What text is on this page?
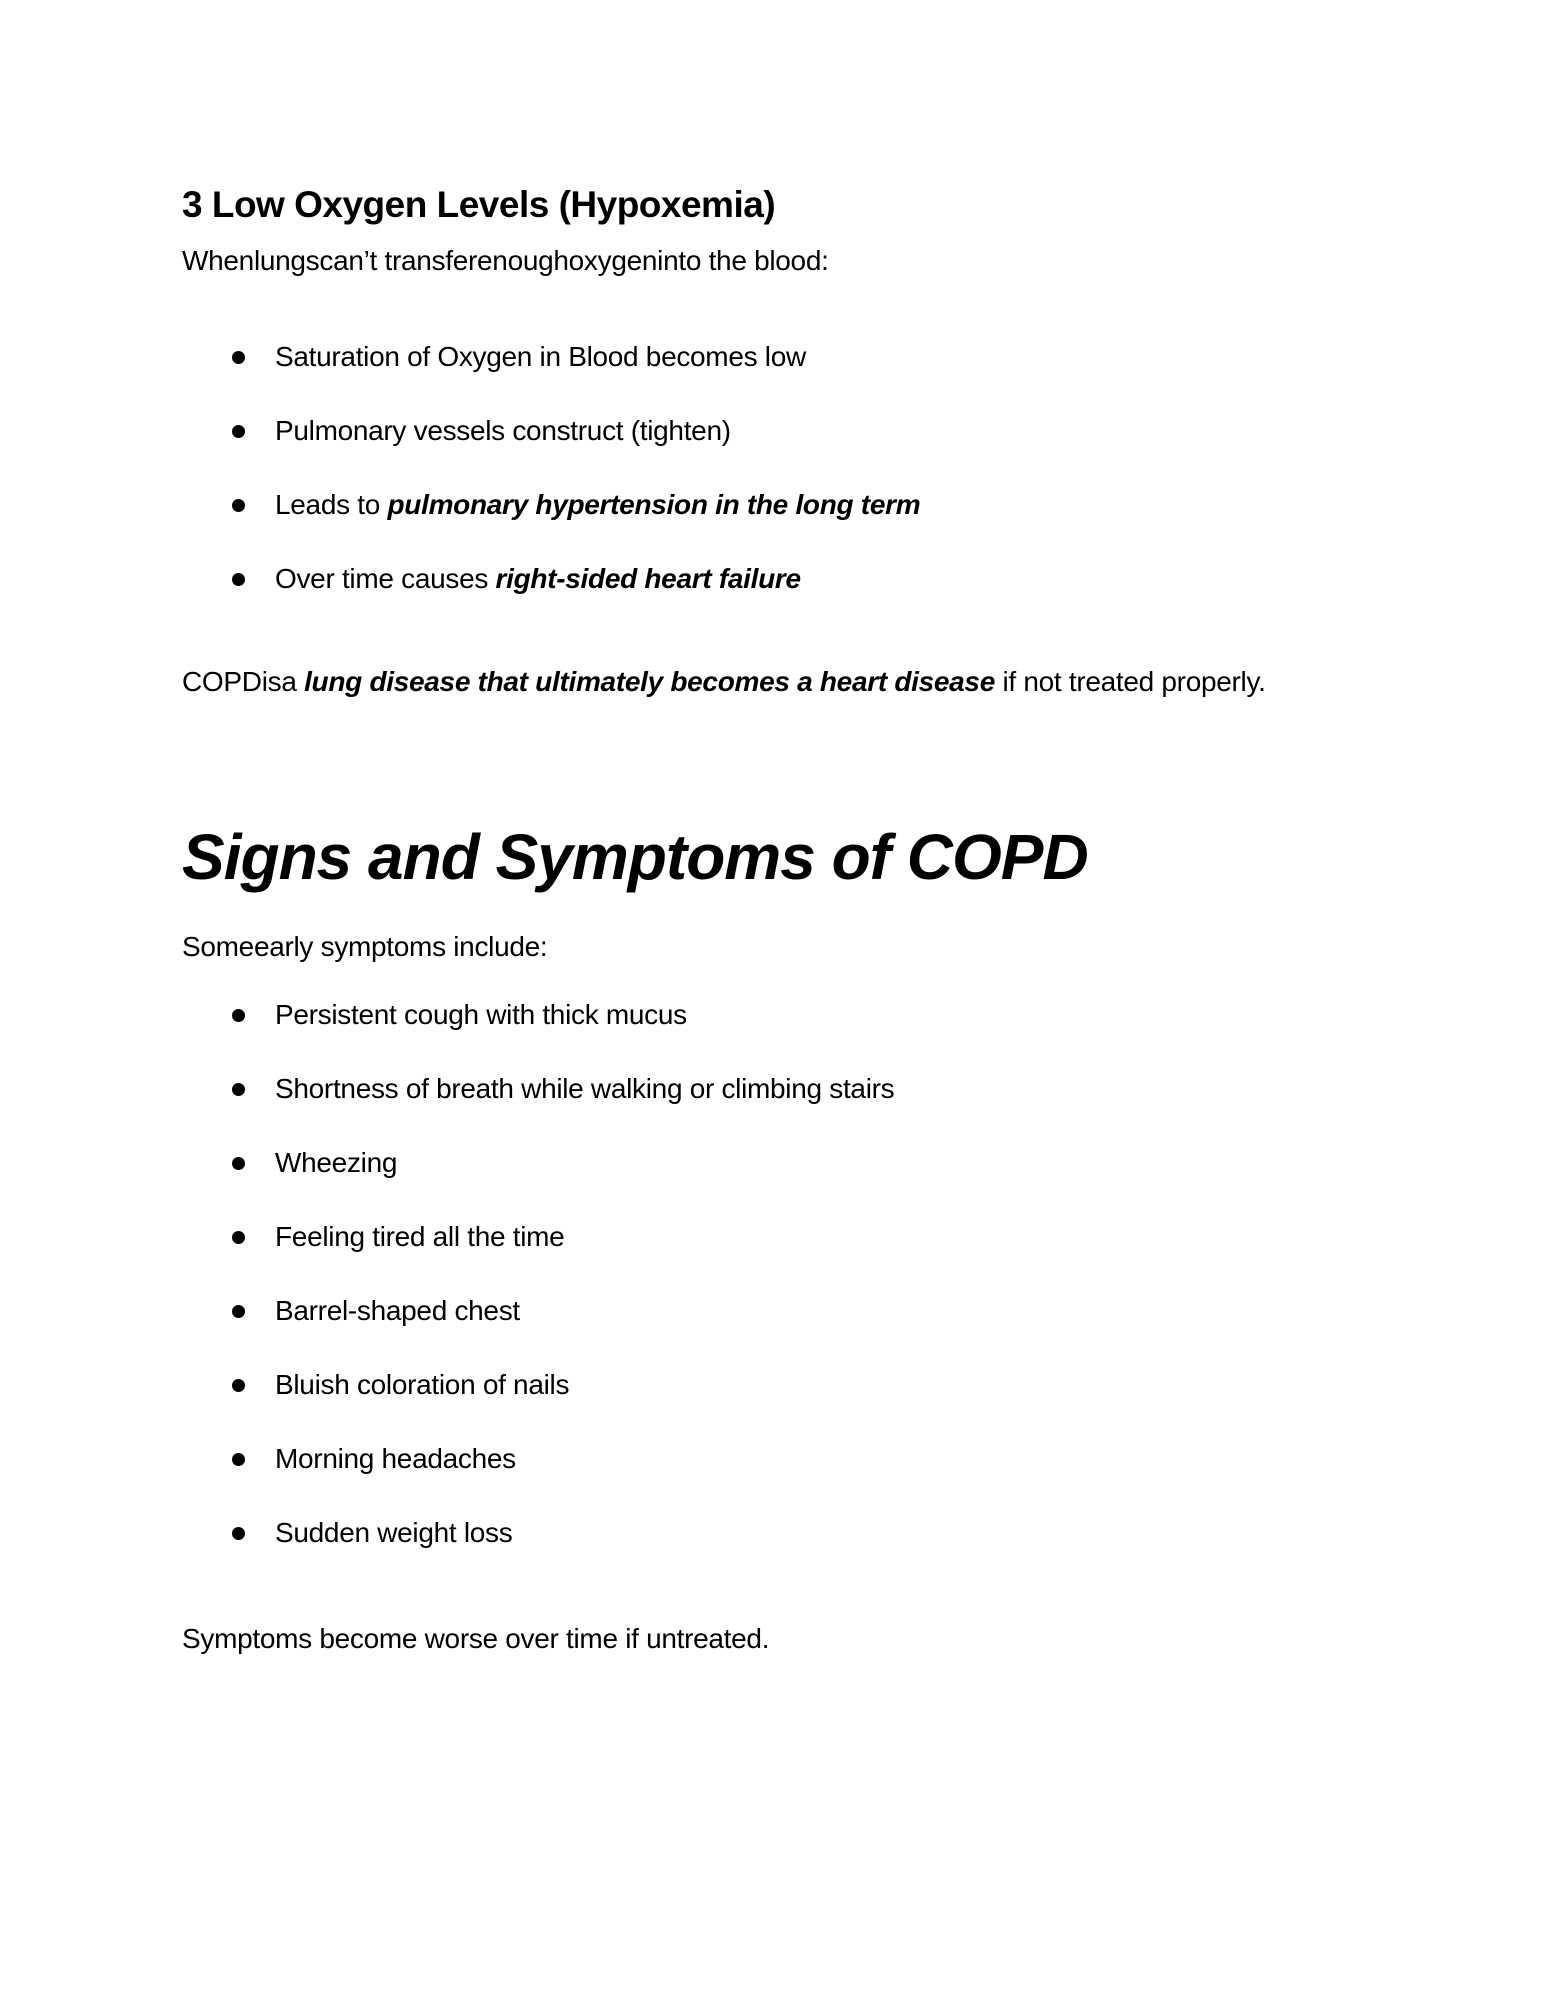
3 Low Oxygen Levels (Hypoxemia)

Whenlungscan’t transferenoughoxygeninto the blood:

Saturation of Oxygen in Blood becomes low
Pulmonary vessels construct (tighten)
Leads to pulmonary hypertension in the long term
Over time causes right-sided heart failure

COPDisa lung disease that ultimately becomes a heart disease if not treated properly.

Signs and Symptoms of COPD

Someearly symptoms include:

Persistent cough with thick mucus
Shortness of breath while walking or climbing stairs
Wheezing
Feeling tired all the time
Barrel-shaped chest
Bluish coloration of nails
Morning headaches
Sudden weight loss

Symptoms become worse over time if untreated.
